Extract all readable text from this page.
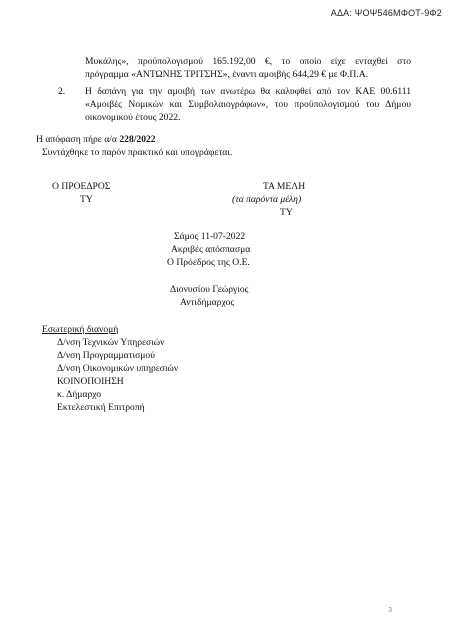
ΑΔΑ: ΨΟΨ546ΜΦΟΤ-9Φ2
Μυκάλης», προϋπολογισμού 165.192,00 €, το οποίο είχε ενταχθεί στο
πρόγραμμα «ΑΝΤΩΝΗΣ ΤΡΙΤΣΗΣ», έναντι αμοιβής 644,29 € με Φ.Π.Α.
2. Η δαπάνη για την αμοιβή των ανωτέρω θα καλυφθεί από τον ΚΑΕ 00.6111
«Αμοιβές Νομικών και Συμβολαιογράφων», του προϋπολογισμού του Δήμου
οικονομικού έτους 2022.
Η απόφαση πήρε α/α 228/2022
Συντάχθηκε το παρόν πρακτικό και υπογράφεται.
Ο ΠΡΟΕΔΡΟΣ
ΤΥ
ΤΑ ΜΕΛΗ
(τα παρόντα μέλη)
ΤΥ
Σάμος 11-07-2022
Ακριβές απόσπασμα
Ο Πρόεδρος της Ο.Ε.
Διονυσίου Γεώργιος
Αντιδήμαρχος
Εσωτερική διανομή
Δ/νση Τεχνικών Υπηρεσιών
Δ/νση Προγραμματισμού
Δ/νση Οικονομικών υπηρεσιών
ΚΟΙΝΟΠΟΙΗΣΗ
κ. Δήμαρχο
Εκτελεστική Επιτροπή
3
